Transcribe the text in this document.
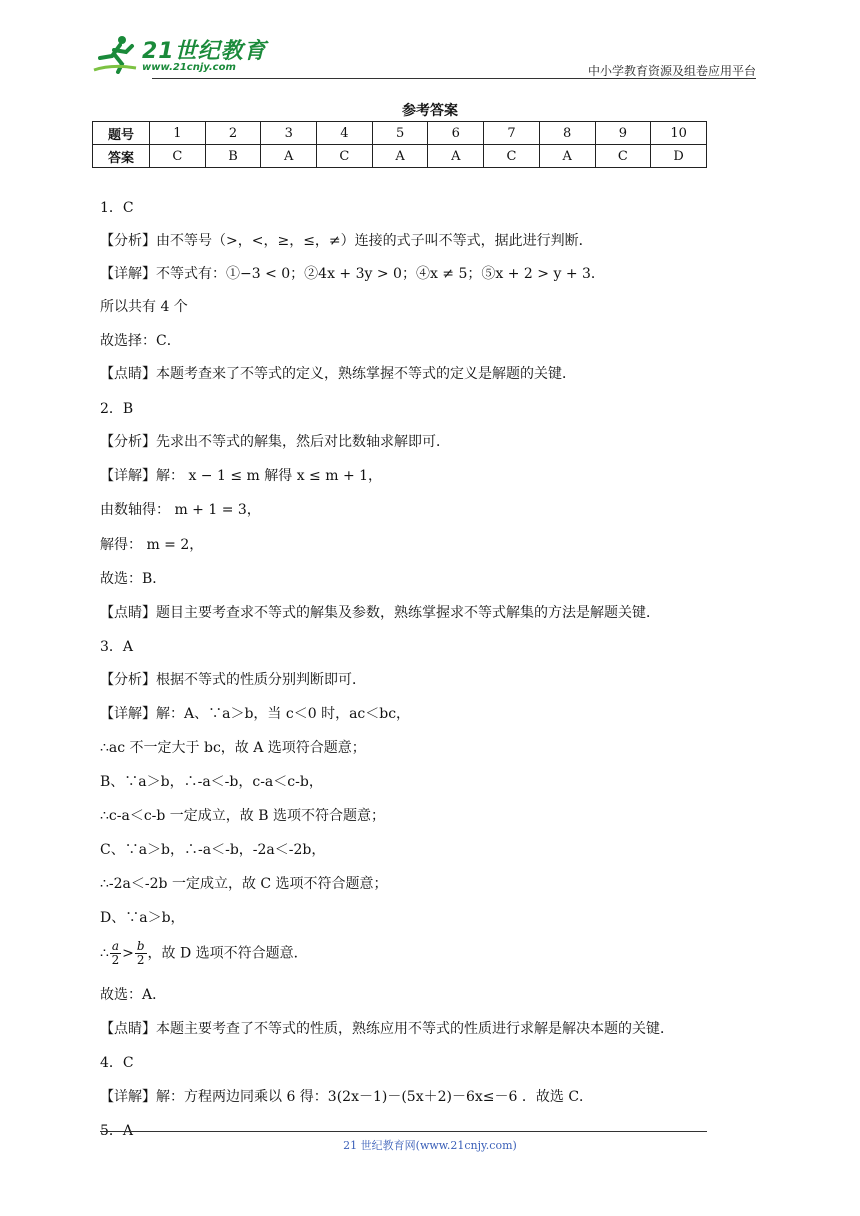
21世纪教育
www.21cnjy.com	中小学教育资源及组卷应用平台
参考答案
题号	1	2	3	4	5	6	7	8	9	10
答案	C	B	A	C	A	A	C	A	C	D
1．C
【分析】由不等号（>，<，≥，≤，≠）连接的式子叫不等式，据此进行判断．
【详解】不等式有：①−3 < 0；②4x + 3y > 0；④x ≠ 5；⑤x + 2 > y + 3．
所以共有 4 个
故选择：C．
【点睛】本题考查来了不等式的定义，熟练掌握不等式的定义是解题的关键．
2．B
【分析】先求出不等式的解集，然后对比数轴求解即可．
【详解】解： x − 1 ≤ m 解得 x ≤ m + 1，
由数轴得： m + 1 = 3，
解得： m = 2，
故选：B．
【点睛】题目主要考查求不等式的解集及参数，熟练掌握求不等式解集的方法是解题关键．
3．A
【分析】根据不等式的性质分别判断即可．
【详解】解：A、∵a＞b，当 c＜0 时，ac＜bc，
∴ac 不一定大于 bc，故 A 选项符合题意；
B、∵a＞b，∴-a＜-b，c-a＜c-b，
∴c-a＜c-b 一定成立，故 B 选项不符合题意；
C、∵a＞b，∴-a＜-b，-2a＜-2b，
∴-2a＜-2b 一定成立，故 C 选项不符合题意；
D、∵a＞b，
∴ $\frac{a}{2} > \frac{b}{2}$ ，故 D 选项不符合题意．
故选：A．
【点睛】本题主要考查了不等式的性质，熟练应用不等式的性质进行求解是解决本题的关键．
4．C
【详解】解：方程两边同乘以 6 得：3(2x－1)－(5x＋2)－6x≤－6 ．故选 C．
5．A
21 世纪教育网(www.21cnjy.com)
